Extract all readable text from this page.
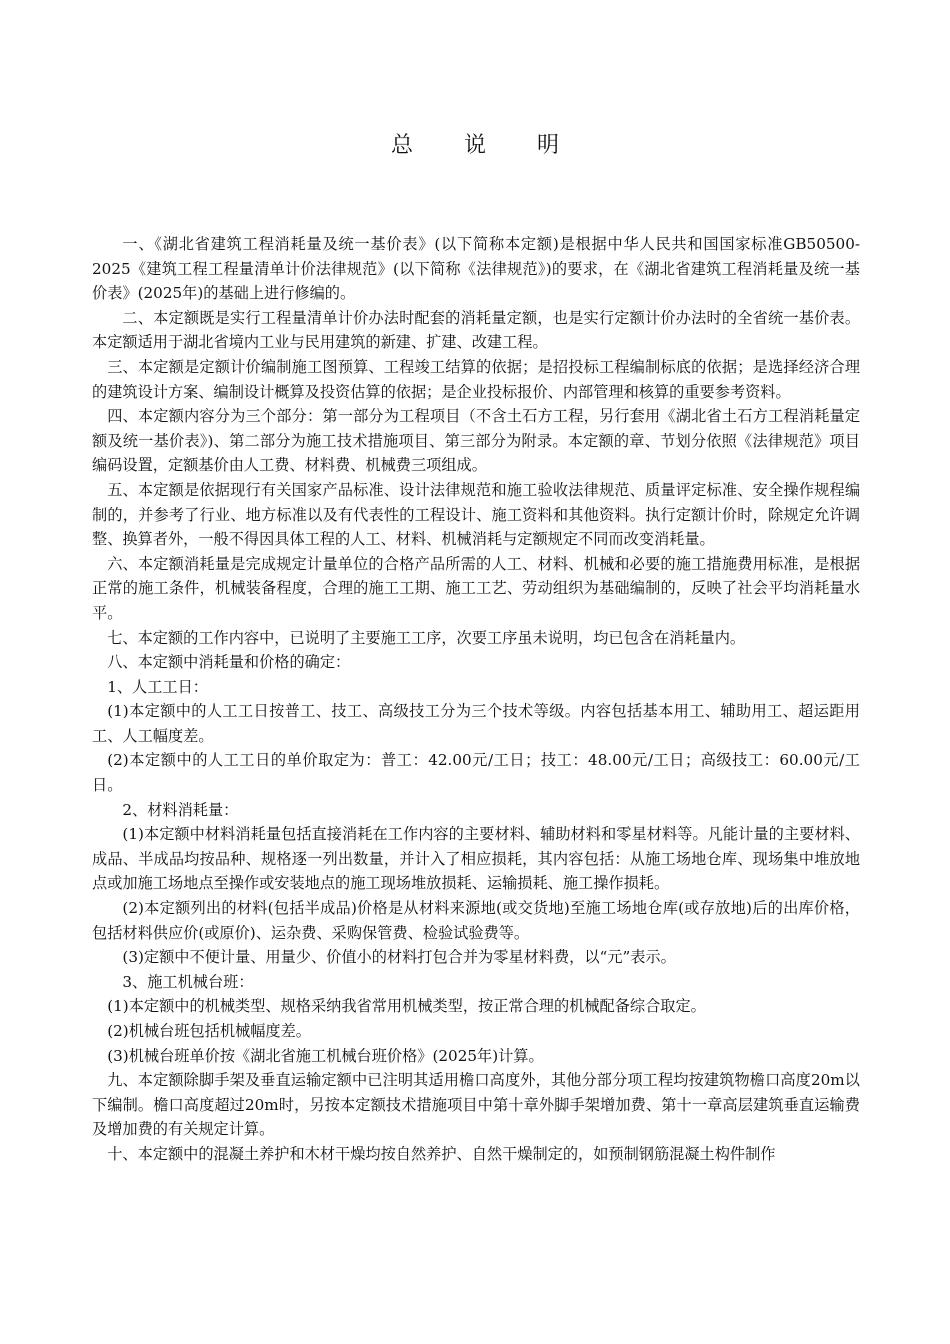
总 说 明

一、《湖北省建筑工程消耗量及统一基价表》(以下简称本定额)是根据中华人民共和国国家标准GB50500-2025《建筑工程工程量清单计价法律规范》(以下简称《法律规范》)的要求，在《湖北省建筑工程消耗量及统一基价表》(2025年)的基础上进行修编的。

二、本定额既是实行工程量清单计价办法时配套的消耗量定额，也是实行定额计价办法时的全省统一基价表。本定额适用于湖北省境内工业与民用建筑的新建、扩建、改建工程。

三、本定额是定额计价编制施工图预算、工程竣工结算的依据；是招投标工程编制标底的依据；是选择经济合理的建筑设计方案、编制设计概算及投资估算的依据；是企业投标报价、内部管理和核算的重要参考资料。

四、本定额内容分为三个部分：第一部分为工程项目（不含土石方工程，另行套用《湖北省土石方工程消耗量定额及统一基价表》)、第二部分为施工技术措施项目、第三部分为附录。本定额的章、节划分依照《法律规范》项目编码设置，定额基价由人工费、材料费、机械费三项组成。

五、本定额是依据现行有关国家产品标准、设计法律规范和施工验收法律规范、质量评定标准、安全操作规程编制的，并参考了行业、地方标准以及有代表性的工程设计、施工资料和其他资料。执行定额计价时，除规定允许调整、换算者外，一般不得因具体工程的人工、材料、机械消耗与定额规定不同而改变消耗量。

六、本定额消耗量是完成规定计量单位的合格产品所需的人工、材料、机械和必要的施工措施费用标准，是根据正常的施工条件，机械装备程度，合理的施工工期、施工工艺、劳动组织为基础编制的，反映了社会平均消耗量水平。

七、本定额的工作内容中，已说明了主要施工工序，次要工序虽未说明，均已包含在消耗量内。

八、本定额中消耗量和价格的确定：

1、人工工日：

(1)本定额中的人工工日按普工、技工、高级技工分为三个技术等级。内容包括基本用工、辅助用工、超运距用工、人工幅度差。

(2)本定额中的人工工日的单价取定为：普工：42.00元/工日；技工：48.00元/工日；高级技工：60.00元/工日。

2、材料消耗量：

(1)本定额中材料消耗量包括直接消耗在工作内容的主要材料、辅助材料和零星材料等。凡能计量的主要材料、成品、半成品均按品种、规格逐一列出数量，并计入了相应损耗，其内容包括：从施工场地仓库、现场集中堆放地点或加施工场地点至操作或安装地点的施工现场堆放损耗、运输损耗、施工操作损耗。

(2)本定额列出的材料(包括半成品)价格是从材料来源地(或交货地)至施工场地仓库(或存放地)后的出库价格，包括材料供应价(或原价)、运杂费、采购保管费、检验试验费等。

(3)定额中不便计量、用量少、价值小的材料打包合并为零星材料费，以“元”表示。

3、施工机械台班：

(1)本定额中的机械类型、规格采纳我省常用机械类型，按正常合理的机械配备综合取定。

(2)机械台班包括机械幅度差。

(3)机械台班单价按《湖北省施工机械台班价格》(2025年)计算。

九、本定额除脚手架及垂直运输定额中已注明其适用檐口高度外，其他分部分项工程均按建筑物檐口高度20m以下编制。檐口高度超过20m时，另按本定额技术措施项目中第十章外脚手架增加费、第十一章高层建筑垂直运输费及增加费的有关规定计算。

十、本定额中的混凝土养护和木材干燥均按自然养护、自然干燥制定的，如预制钢筋混凝土构件制作
